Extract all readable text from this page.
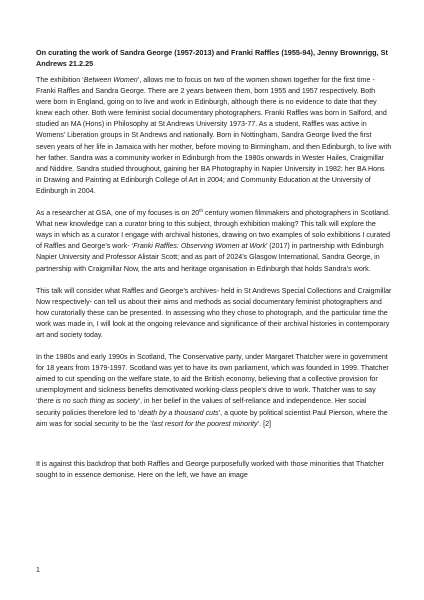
On curating the work of Sandra George (1957-2013) and Franki Raffles (1955-94), Jenny Brownrigg, St Andrews 21.2.25

The exhibition ‘Between Women’, allows me to focus on two of the women shown together for the first time - Franki Raffles and Sandra George. There are 2 years between them, born 1955 and 1957 respectively. Both were born in England, going on to live and work in Edinburgh, although there is no evidence to date that they knew each other. Both were feminist social documentary photographers. Franki Raffles was born in Salford, and studied an MA (Hons) in Philosophy at St Andrews University 1973-77. As a student, Raffles was active in Womens’ Liberation groups in St Andrews and nationally. Born in Nottingham, Sandra George lived the first seven years of her life in Jamaica with her mother, before moving to Birmingham, and then Edinburgh, to live with her father. Sandra was a community worker in Edinburgh from the 1980s onwards in Wester Hailes, Craigmillar and Niddire. Sandra studied throughout, gaining her BA Photography in Napier University in 1982; her BA Hons in Drawing and Painting at Edinburgh College of Art in 2004; and Community Education at the University of Edinburgh in 2004.

As a researcher at GSA, one of my focuses is on 20th century women filmmakers and photographers in Scotland. What new knowledge can a curator bring to this subject, through exhibition making? This talk will explore the ways in which as a curator I engage with archival histories, drawing on two examples of solo exhibitions I curated of Raffles and George’s work- ‘Franki Raffles: Observing Women at Work’ (2017) in partnership with Edinburgh Napier University and Professor Alistair Scott; and as part of 2024’s Glasgow International, Sandra George, in partnership with Craigmillar Now, the arts and heritage organisation in Edinburgh that holds Sandra’s work.

This talk will consider what Raffles and George’s archives- held in St Andrews Special Collections and Craigmillar Now respectively- can tell us about their aims and methods as social documentary feminist photographers and how curatorially these can be presented. In assessing who they chose to photograph, and the particular time the work was made in, I will look at the ongoing relevance and significance of their archival histories in contemporary art and society today.

In the 1980s and early 1990s in Scotland, The Conservative party, under Margaret Thatcher were in government for 18 years from 1979-1997. Scotland was yet to have its own parliament, which was founded in 1999. Thatcher aimed to cut spending on the welfare state, to aid the British economy, believing that a collective provision for unemployment and sickness benefits demotivated working-class people’s drive to work. Thatcher was to say ‘there is no such thing as society’, in her belief in the values of self-reliance and independence. Her social security policies therefore led to ‘death by a thousand cuts’, a quote by political scientist Paul Pierson, where the aim was for social security to be the ‘last resort for the poorest minority’. [2]

It is against this backdrop that both Raffles and George purposefully worked with those minorities that Thatcher sought to in essence demonise. Here on the left, we have an image

1
